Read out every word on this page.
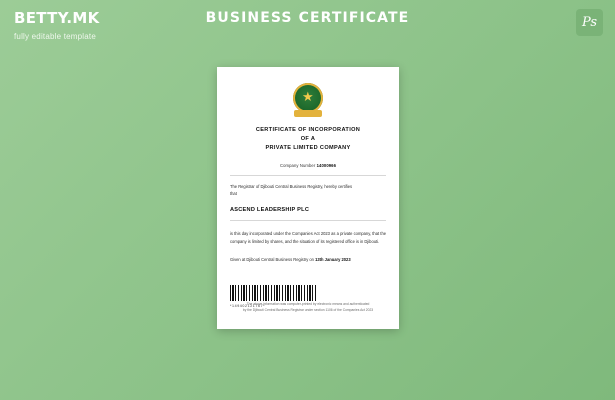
BETTY.MK
fully editable template
BUSINESS CERTIFICATE	Ps
CERTIFICATE OF INCORPORATION
OF A
PRIVATE LIMITED COMPANY
Company Number 14000966
The Registrar of Djibouti Central Business Registry, hereby certifies
that
ASCEND LEADERSHIP PLC
is this day incorporated under the Companies Act 2023 as a private company, that the company is limited by shares, and the situation of its registered office is in Djibouti.
Given at Djibouti Central Business Registry on 13th January 2023
*149402121767*
The above information was computer-printed by electronic means and authenticated
by the Djibouti Central Business Registrar under section 1106 of the Companies Act 2023
